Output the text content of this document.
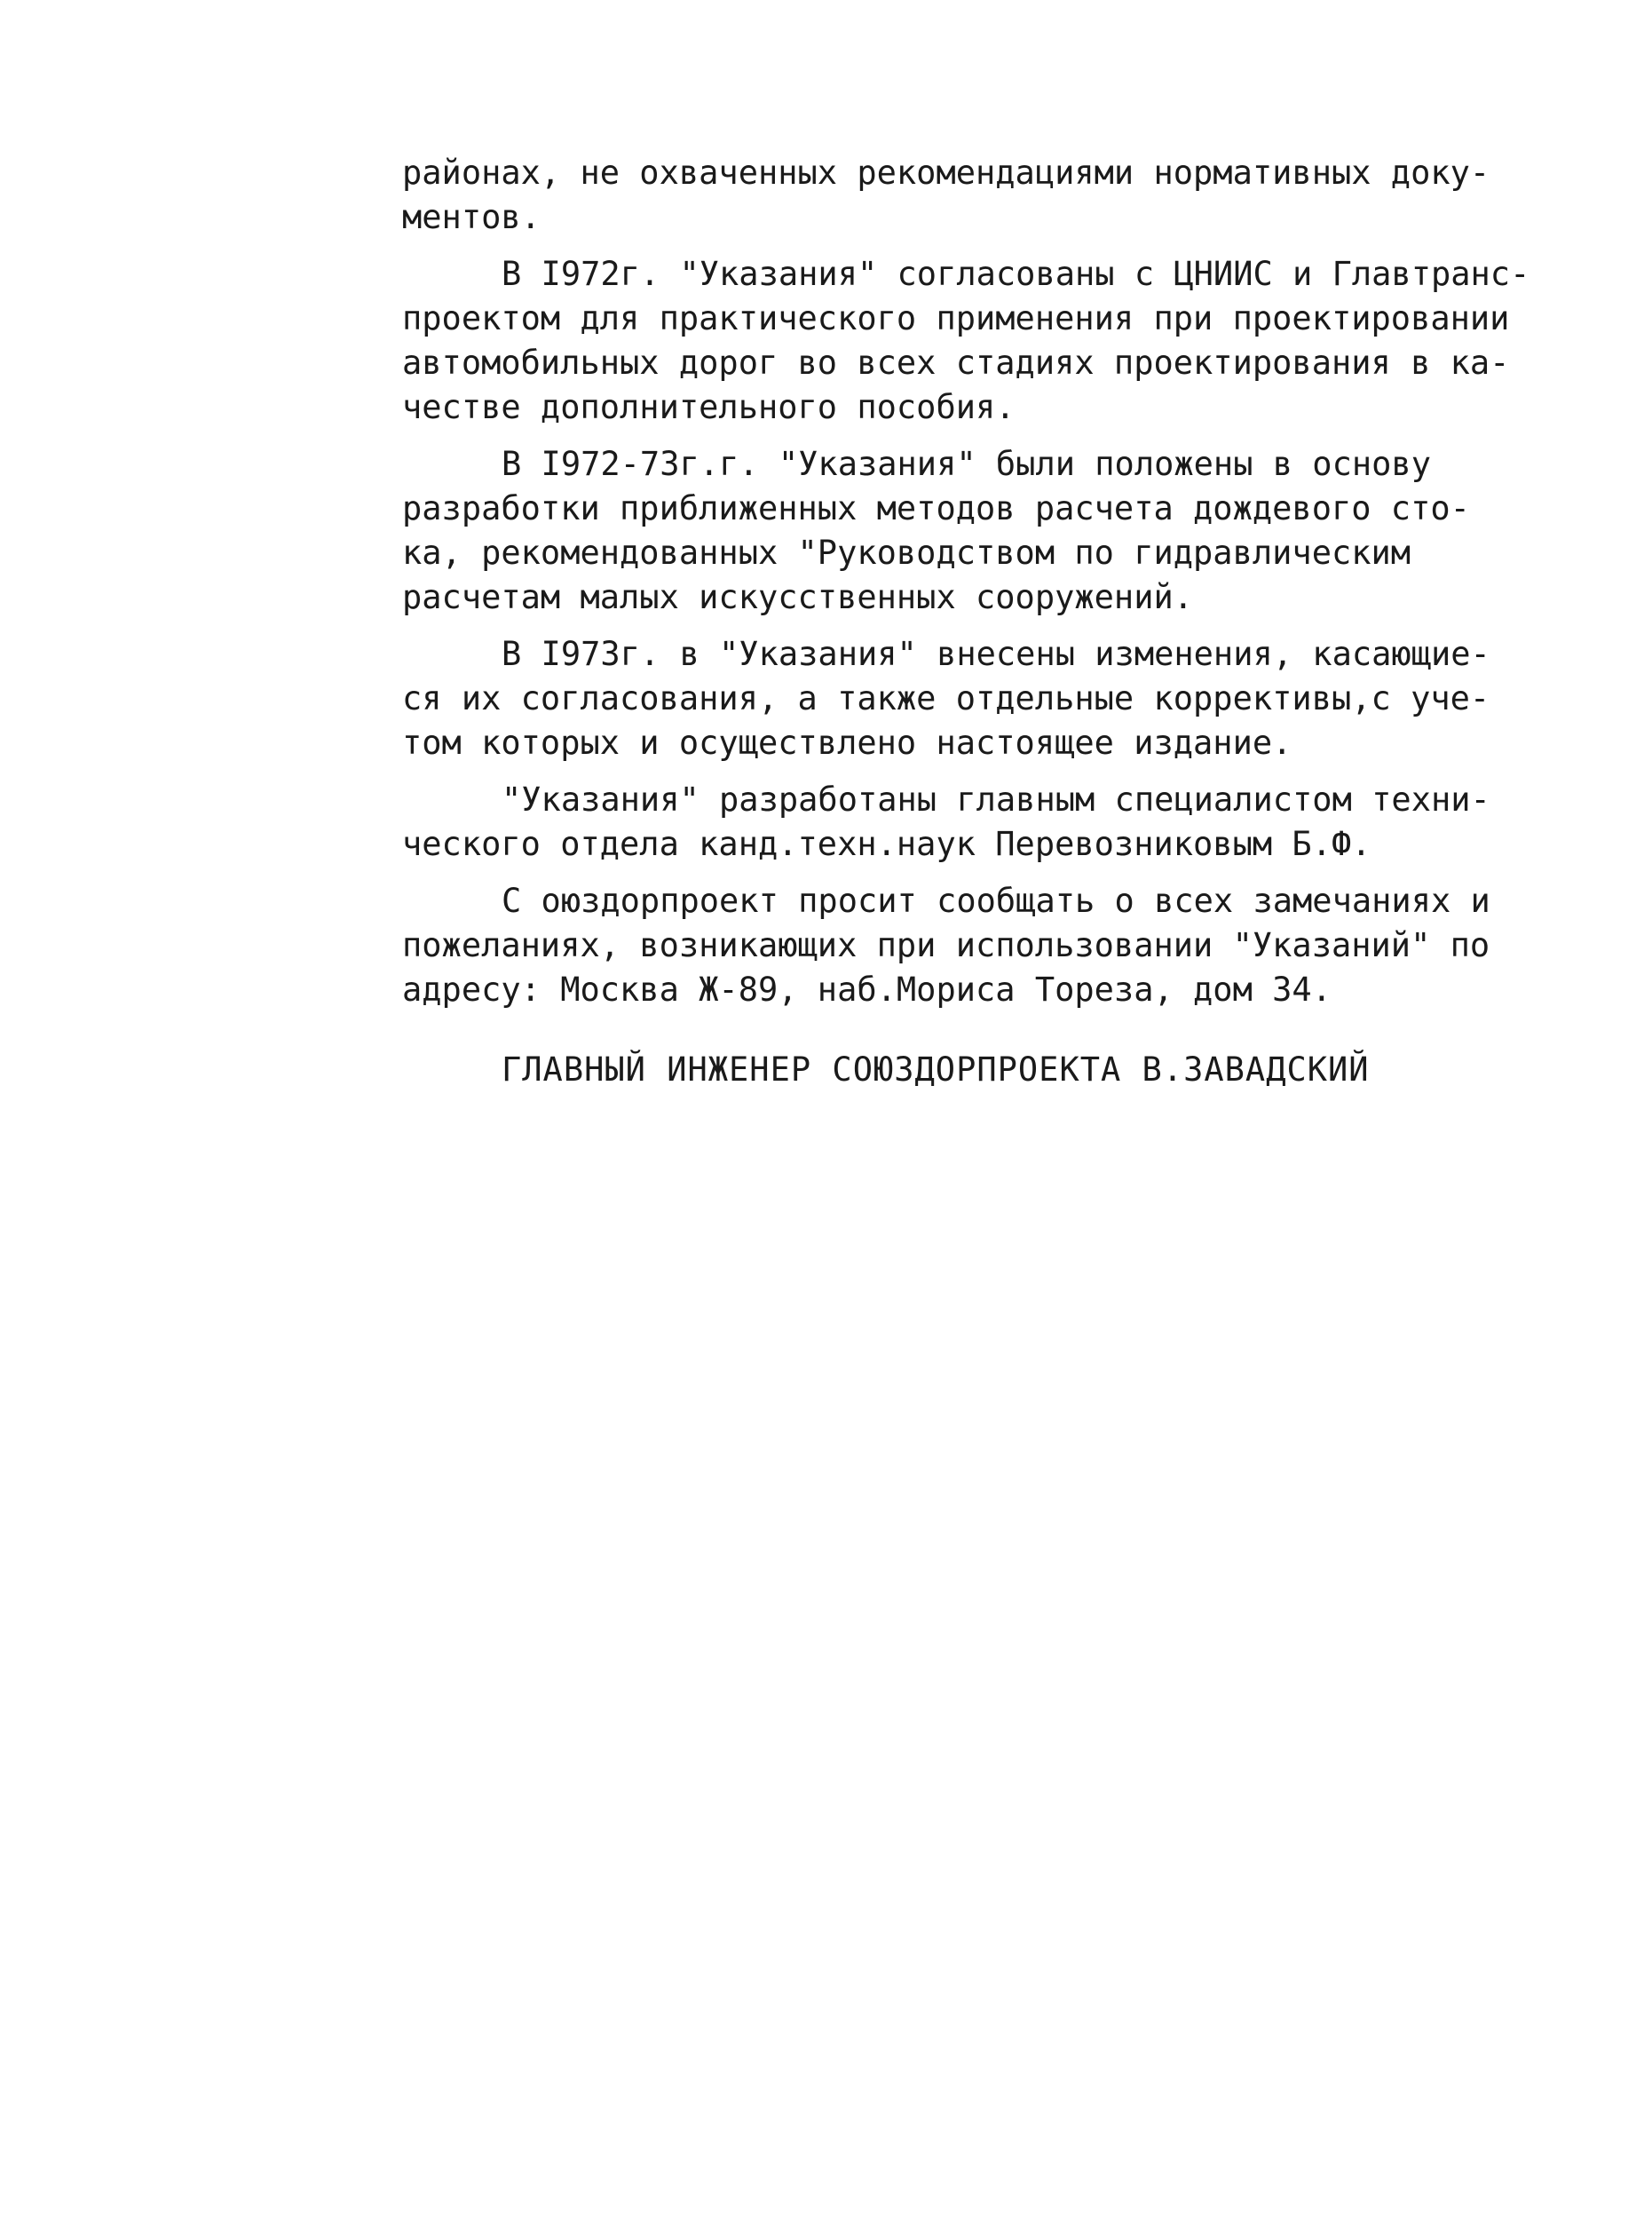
районах, не охваченных рекомендациями нормативных доку-
ментов.
В I972г. "Указания" согласованы с ЦНИИС и Главтранс-
проектом для практического применения при проектировании
автомобильных дорог во всех стадиях проектирования в ка-
честве дополнительного пособия.
В I972-73г.г. "Указания" были положены в основу
разработки приближенных методов расчета дождевого сто-
ка, рекомендованных "Руководством по гидравлическим
расчетам малых искусственных сооружений.
В I973г. в "Указания" внесены изменения, касающие-
ся их согласования, а также отдельные коррективы,с уче-
том которых и осуществлено настоящее издание.
"Указания" разработаны главным специалистом техни-
ческого отдела канд.техн.наук Перевозниковым Б.Ф.
С оюздорпроект просит сообщать о всех замечаниях и
пожеланиях, возникающих при использовании "Указаний" по
адресу: Москва Ж-89, наб.Мориса Тореза, дом 34.
ГЛАВНЫЙ ИНЖЕНЕР СОЮЗДОРПРОЕКТА В.ЗАВАДСКИЙ
